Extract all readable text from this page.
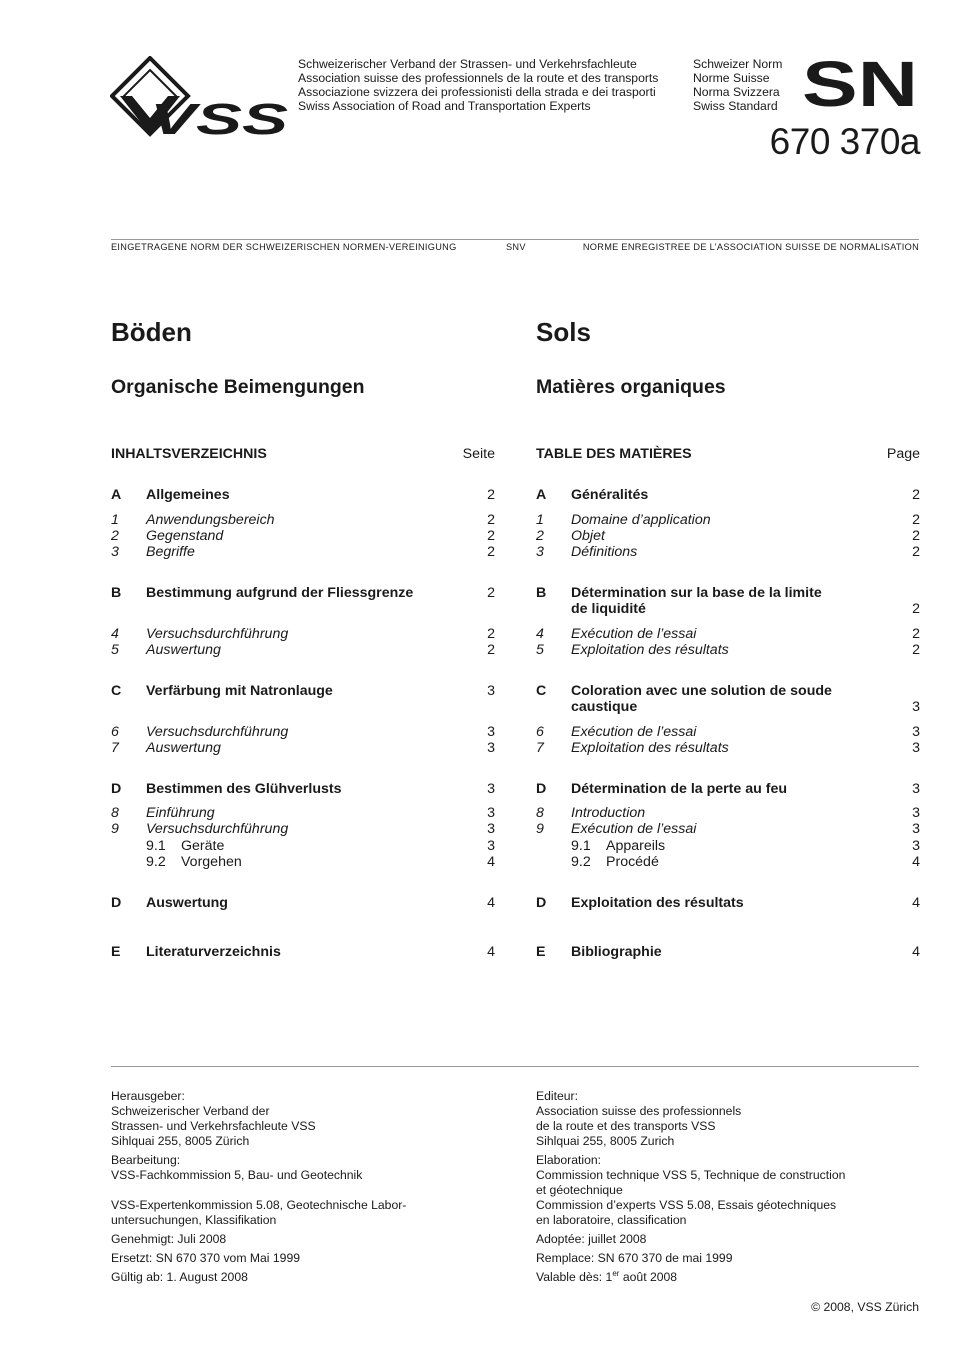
VSS
Schweizerischer Verband der Strassen- und Verkehrsfachleute
Association suisse des professionnels de la route et des transports
Associazione svizzera dei professionisti della strada e dei trasporti
Swiss Association of Road and Transportation Experts
Schweizer Norm
Norme Suisse
Norma Svizzera
Swiss Standard SN
670 370a
EINGETRAGENE NORM DER SCHWEIZERISCHEN NORMEN-VEREINIGUNG	SNV	NORME ENREGISTREE DE L’ASSOCIATION SUISSE DE NORMALISATION
Böden
Organische Beimengungen
INHALTSVERZEICHNIS	Seite
A Allgemeines	2
1 Anwendungsbereich	2
2 Gegenstand	2
3 Begriffe	2
B Bestimmung aufgrund der Fliessgrenze	2
4 Versuchsdurchführung	2
5 Auswertung	2
C Verfärbung mit Natronlauge	3
6 Versuchsdurchführung	3
7 Auswertung	3
D Bestimmen des Glühverlusts	3
8 Einführung	3
9 Versuchsdurchführung	3
9.1 Geräte	3
9.2 Vorgehen	4
D Auswertung	4
E Literaturverzeichnis	4
Sols
Matières organiques
TABLE DES MATIÈRES	Page
A Généralités	2
1 Domaine d’application	2
2 Objet	2
3 Définitions	2
B Détermination sur la base de la limite
de liquidité	2
4 Exécution de l’essai	2
5 Exploitation des résultats	2
C Coloration avec une solution de soude
caustique	3
6 Exécution de l’essai	3
7 Exploitation des résultats	3
D Détermination de la perte au feu	3
8 Introduction	3
9 Exécution de l’essai	3
9.1 Appareils	3
9.2 Procédé	4
D Exploitation des résultats	4
E Bibliographie	4

Herausgeber:
Schweizerischer Verband der
Strassen- und Verkehrsfachleute VSS
Sihlquai 255, 8005 Zürich

Bearbeitung:
VSS-Fachkommission 5, Bau- und Geotechnik

VSS-Expertenkommission 5.08, Geotechnische Labor-
untersuchungen, Klassifikation

Genehmigt: Juli 2008

Ersetzt: SN 670 370 vom Mai 1999

Gültig ab: 1. August 2008

Editeur:
Association suisse des professionnels
de la route et des transports VSS
Sihlquai 255, 8005 Zurich

Elaboration:
Commission technique VSS 5, Technique de construction
et géotechnique

Commission d’experts VSS 5.08, Essais géotechniques
en laboratoire, classification

Adoptée: juillet 2008

Remplace: SN 670 370 de mai 1999

Valable dès: 1er août 2008

© 2008, VSS Zürich
